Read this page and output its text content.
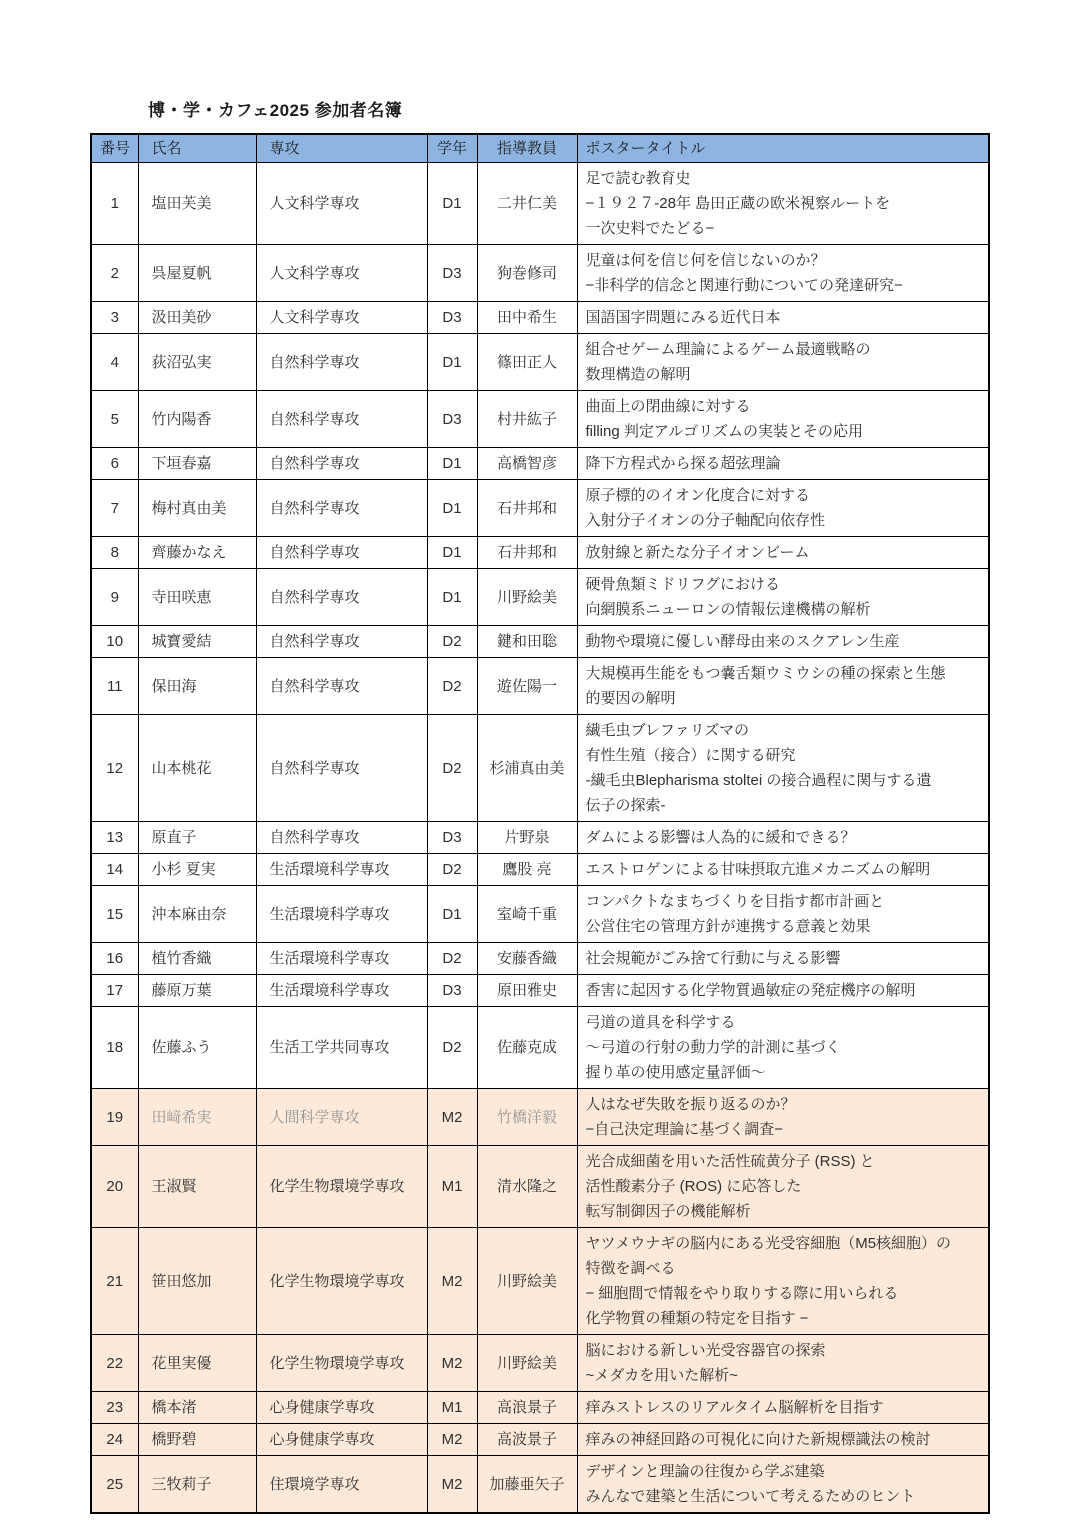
博・学・カフェ2025 参加者名簿
番号	氏名	専攻	学年	指導教員	ポスタータイトル
1	塩田芙美	人文科学専攻	D1	二井仁美	足で読む教育史
−１９２７-28年 島田正蔵の欧米視察ルートを
一次史料でたどる−

2	呉屋夏帆	人文科学専攻	D3	狗巻修司	児童は何を信じ何を信じないのか？
−非科学的信念と関連行動についての発達研究−

3	汲田美砂	人文科学専攻	D3	田中希生	国語国字問題にみる近代日本

4	荻沼弘実	自然科学専攻	D1	篠田正人	組合せゲーム理論によるゲーム最適戦略の
数理構造の解明

5	竹内陽香	自然科学専攻	D3	村井紘子	曲面上の閉曲線に対する
filling 判定アルゴリズムの実装とその応用

6	下垣春嘉	自然科学専攻	D1	高橋智彦	降下方程式から探る超弦理論

7	梅村真由美	自然科学専攻	D1	石井邦和	原子標的のイオン化度合に対する
入射分子イオンの分子軸配向依存性

8	齊藤かなえ	自然科学専攻	D1	石井邦和	放射線と新たな分子イオンビーム

9	寺田咲恵	自然科学専攻	D1	川野絵美	硬骨魚類ミドリフグにおける
向網膜系ニューロンの情報伝達機構の解析

10	城寳愛結	自然科学専攻	D2	鍵和田聡	動物や環境に優しい酵母由来のスクアレン生産

11	保田海	自然科学専攻	D2	遊佐陽一	大規模再生能をもつ嚢舌類ウミウシの種の探索と生態
的要因の解明

12	山本桃花	自然科学専攻	D2	杉浦真由美	繊毛虫ブレファリズマの
有性生殖（接合）に関する研究
-繊毛虫Blepharisma stoltei の接合過程に関与する遺
伝子の探索-

13	原直子	自然科学専攻	D3	片野泉	ダムによる影響は人為的に緩和できる？

14	小杉 夏実	生活環境科学専攻	D2	鷹股 亮	エストロゲンによる甘味摂取亢進メカニズムの解明

15	沖本麻由奈	生活環境科学専攻	D1	室崎千重	コンパクトなまちづくりを目指す都市計画と
公営住宅の管理方針が連携する意義と効果

16	植竹香織	生活環境科学専攻	D2	安藤香織	社会規範がごみ捨て行動に与える影響

17	藤原万葉	生活環境科学専攻	D3	原田雅史	香害に起因する化学物質過敏症の発症機序の解明

18	佐藤ふう	生活工学共同専攻	D2	佐藤克成	弓道の道具を科学する
〜弓道の行射の動力学的計測に基づく
握り革の使用感定量評価〜

19	田﨑希実	人間科学専攻	M2	竹橋洋毅	人はなぜ失敗を振り返るのか？
−自己決定理論に基づく調査−

20	王淑賢	化学生物環境学専攻	M1	清水隆之	光合成細菌を用いた活性硫黄分子 (RSS) と
活性酸素分子 (ROS) に応答した
転写制御因子の機能解析

21	笹田悠加	化学生物環境学専攻	M2	川野絵美	ヤツメウナギの脳内にある光受容細胞（M5核細胞）の
特徴を調べる
− 細胞間で情報をやり取りする際に用いられる
化学物質の種類の特定を目指す −

22	花里実優	化学生物環境学専攻	M2	川野絵美	脳における新しい光受容器官の探索
~メダカを用いた解析~

23	橋本渚	心身健康学専攻	M1	高浪景子	痒みストレスのリアルタイム脳解析を目指す

24	橋野碧	心身健康学専攻	M2	高波景子	痒みの神経回路の可視化に向けた新規標識法の検討

25	三牧莉子	住環境学専攻	M2	加藤亜矢子	デザインと理論の往復から学ぶ建築
みんなで建築と生活について考えるためのヒント
